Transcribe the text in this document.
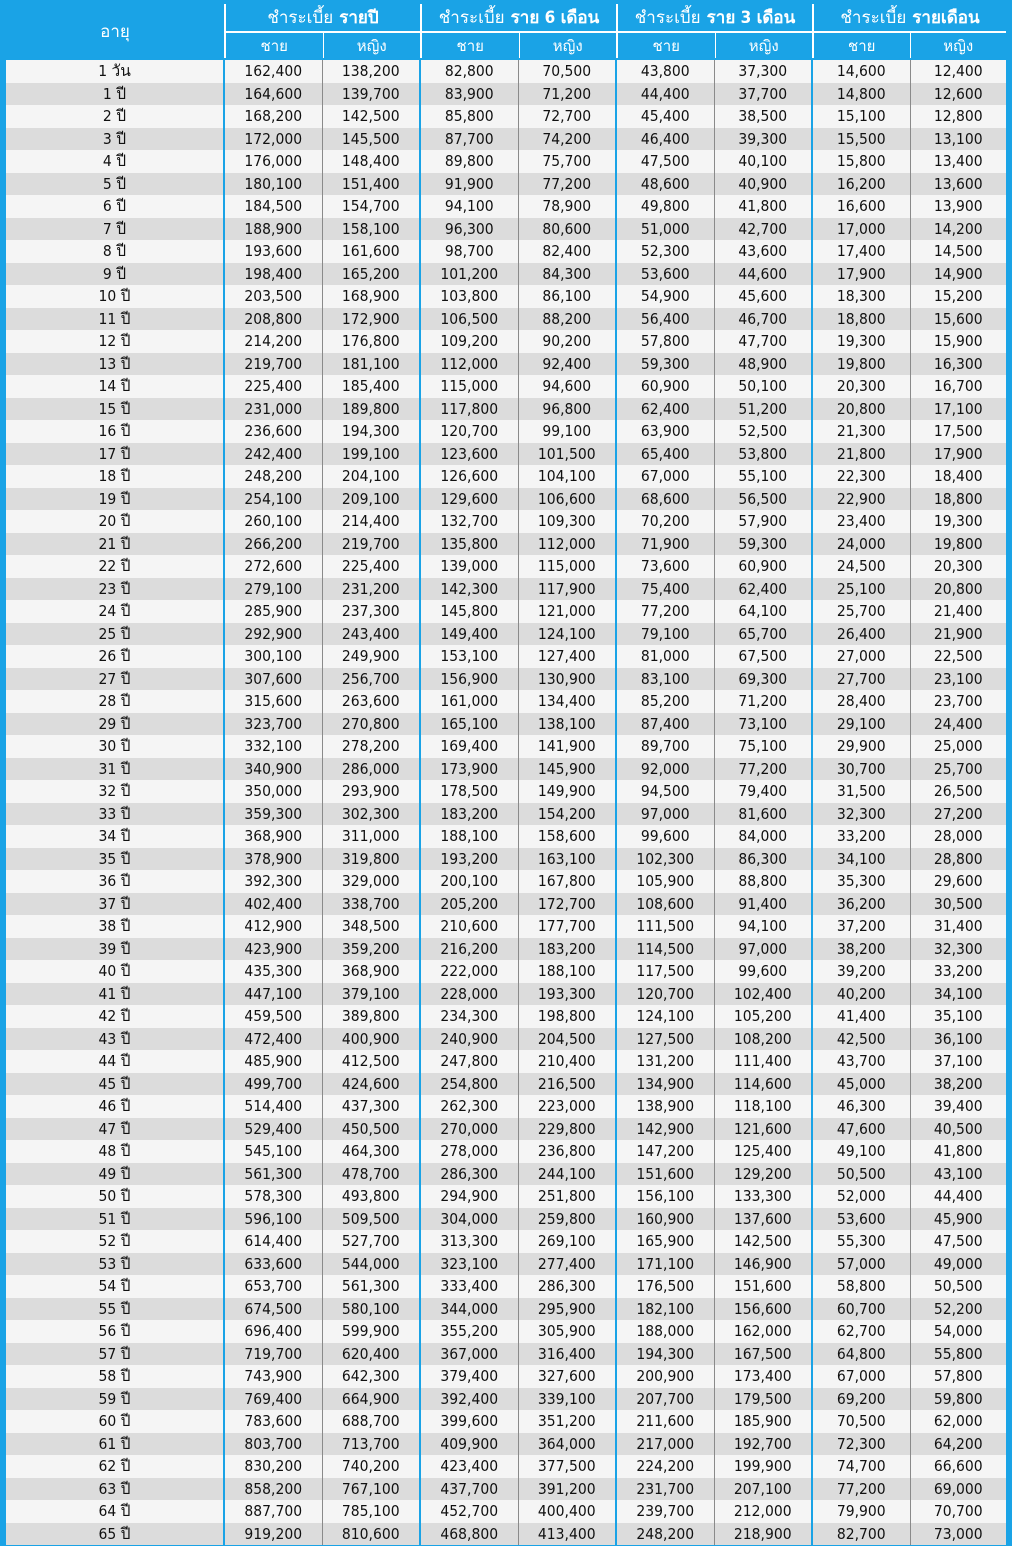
อายุ
ชำระเบี้ย รายปี
ชาย	หญิง
ชำระเบี้ย ราย 6 เดือน
ชาย	หญิง
ชำระเบี้ย ราย 3 เดือน
ชาย	หญิง
ชำระเบี้ย รายเดือน
ชาย	หญิง
1 วัน	162,400	138,200	82,800	70,500	43,800	37,300	14,600	12,400
1 ปี	164,600	139,700	83,900	71,200	44,400	37,700	14,800	12,600
2 ปี	168,200	142,500	85,800	72,700	45,400	38,500	15,100	12,800
3 ปี	172,000	145,500	87,700	74,200	46,400	39,300	15,500	13,100
4 ปี	176,000	148,400	89,800	75,700	47,500	40,100	15,800	13,400
5 ปี	180,100	151,400	91,900	77,200	48,600	40,900	16,200	13,600
6 ปี	184,500	154,700	94,100	78,900	49,800	41,800	16,600	13,900
7 ปี	188,900	158,100	96,300	80,600	51,000	42,700	17,000	14,200
8 ปี	193,600	161,600	98,700	82,400	52,300	43,600	17,400	14,500
9 ปี	198,400	165,200	101,200	84,300	53,600	44,600	17,900	14,900
10 ปี	203,500	168,900	103,800	86,100	54,900	45,600	18,300	15,200
11 ปี	208,800	172,900	106,500	88,200	56,400	46,700	18,800	15,600
12 ปี	214,200	176,800	109,200	90,200	57,800	47,700	19,300	15,900
13 ปี	219,700	181,100	112,000	92,400	59,300	48,900	19,800	16,300
14 ปี	225,400	185,400	115,000	94,600	60,900	50,100	20,300	16,700
15 ปี	231,000	189,800	117,800	96,800	62,400	51,200	20,800	17,100
16 ปี	236,600	194,300	120,700	99,100	63,900	52,500	21,300	17,500
17 ปี	242,400	199,100	123,600	101,500	65,400	53,800	21,800	17,900
18 ปี	248,200	204,100	126,600	104,100	67,000	55,100	22,300	18,400
19 ปี	254,100	209,100	129,600	106,600	68,600	56,500	22,900	18,800
20 ปี	260,100	214,400	132,700	109,300	70,200	57,900	23,400	19,300
21 ปี	266,200	219,700	135,800	112,000	71,900	59,300	24,000	19,800
22 ปี	272,600	225,400	139,000	115,000	73,600	60,900	24,500	20,300
23 ปี	279,100	231,200	142,300	117,900	75,400	62,400	25,100	20,800
24 ปี	285,900	237,300	145,800	121,000	77,200	64,100	25,700	21,400
25 ปี	292,900	243,400	149,400	124,100	79,100	65,700	26,400	21,900
26 ปี	300,100	249,900	153,100	127,400	81,000	67,500	27,000	22,500
27 ปี	307,600	256,700	156,900	130,900	83,100	69,300	27,700	23,100
28 ปี	315,600	263,600	161,000	134,400	85,200	71,200	28,400	23,700
29 ปี	323,700	270,800	165,100	138,100	87,400	73,100	29,100	24,400
30 ปี	332,100	278,200	169,400	141,900	89,700	75,100	29,900	25,000
31 ปี	340,900	286,000	173,900	145,900	92,000	77,200	30,700	25,700
32 ปี	350,000	293,900	178,500	149,900	94,500	79,400	31,500	26,500
33 ปี	359,300	302,300	183,200	154,200	97,000	81,600	32,300	27,200
34 ปี	368,900	311,000	188,100	158,600	99,600	84,000	33,200	28,000
35 ปี	378,900	319,800	193,200	163,100	102,300	86,300	34,100	28,800
36 ปี	392,300	329,000	200,100	167,800	105,900	88,800	35,300	29,600
37 ปี	402,400	338,700	205,200	172,700	108,600	91,400	36,200	30,500
38 ปี	412,900	348,500	210,600	177,700	111,500	94,100	37,200	31,400
39 ปี	423,900	359,200	216,200	183,200	114,500	97,000	38,200	32,300
40 ปี	435,300	368,900	222,000	188,100	117,500	99,600	39,200	33,200
41 ปี	447,100	379,100	228,000	193,300	120,700	102,400	40,200	34,100
42 ปี	459,500	389,800	234,300	198,800	124,100	105,200	41,400	35,100
43 ปี	472,400	400,900	240,900	204,500	127,500	108,200	42,500	36,100
44 ปี	485,900	412,500	247,800	210,400	131,200	111,400	43,700	37,100
45 ปี	499,700	424,600	254,800	216,500	134,900	114,600	45,000	38,200
46 ปี	514,400	437,300	262,300	223,000	138,900	118,100	46,300	39,400
47 ปี	529,400	450,500	270,000	229,800	142,900	121,600	47,600	40,500
48 ปี	545,100	464,300	278,000	236,800	147,200	125,400	49,100	41,800
49 ปี	561,300	478,700	286,300	244,100	151,600	129,200	50,500	43,100
50 ปี	578,300	493,800	294,900	251,800	156,100	133,300	52,000	44,400
51 ปี	596,100	509,500	304,000	259,800	160,900	137,600	53,600	45,900
52 ปี	614,400	527,700	313,300	269,100	165,900	142,500	55,300	47,500
53 ปี	633,600	544,000	323,100	277,400	171,100	146,900	57,000	49,000
54 ปี	653,700	561,300	333,400	286,300	176,500	151,600	58,800	50,500
55 ปี	674,500	580,100	344,000	295,900	182,100	156,600	60,700	52,200
56 ปี	696,400	599,900	355,200	305,900	188,000	162,000	62,700	54,000
57 ปี	719,700	620,400	367,000	316,400	194,300	167,500	64,800	55,800
58 ปี	743,900	642,300	379,400	327,600	200,900	173,400	67,000	57,800
59 ปี	769,400	664,900	392,400	339,100	207,700	179,500	69,200	59,800
60 ปี	783,600	688,700	399,600	351,200	211,600	185,900	70,500	62,000
61 ปี	803,700	713,700	409,900	364,000	217,000	192,700	72,300	64,200
62 ปี	830,200	740,200	423,400	377,500	224,200	199,900	74,700	66,600
63 ปี	858,200	767,100	437,700	391,200	231,700	207,100	77,200	69,000
64 ปี	887,700	785,100	452,700	400,400	239,700	212,000	79,900	70,700
65 ปี	919,200	810,600	468,800	413,400	248,200	218,900	82,700	73,000
